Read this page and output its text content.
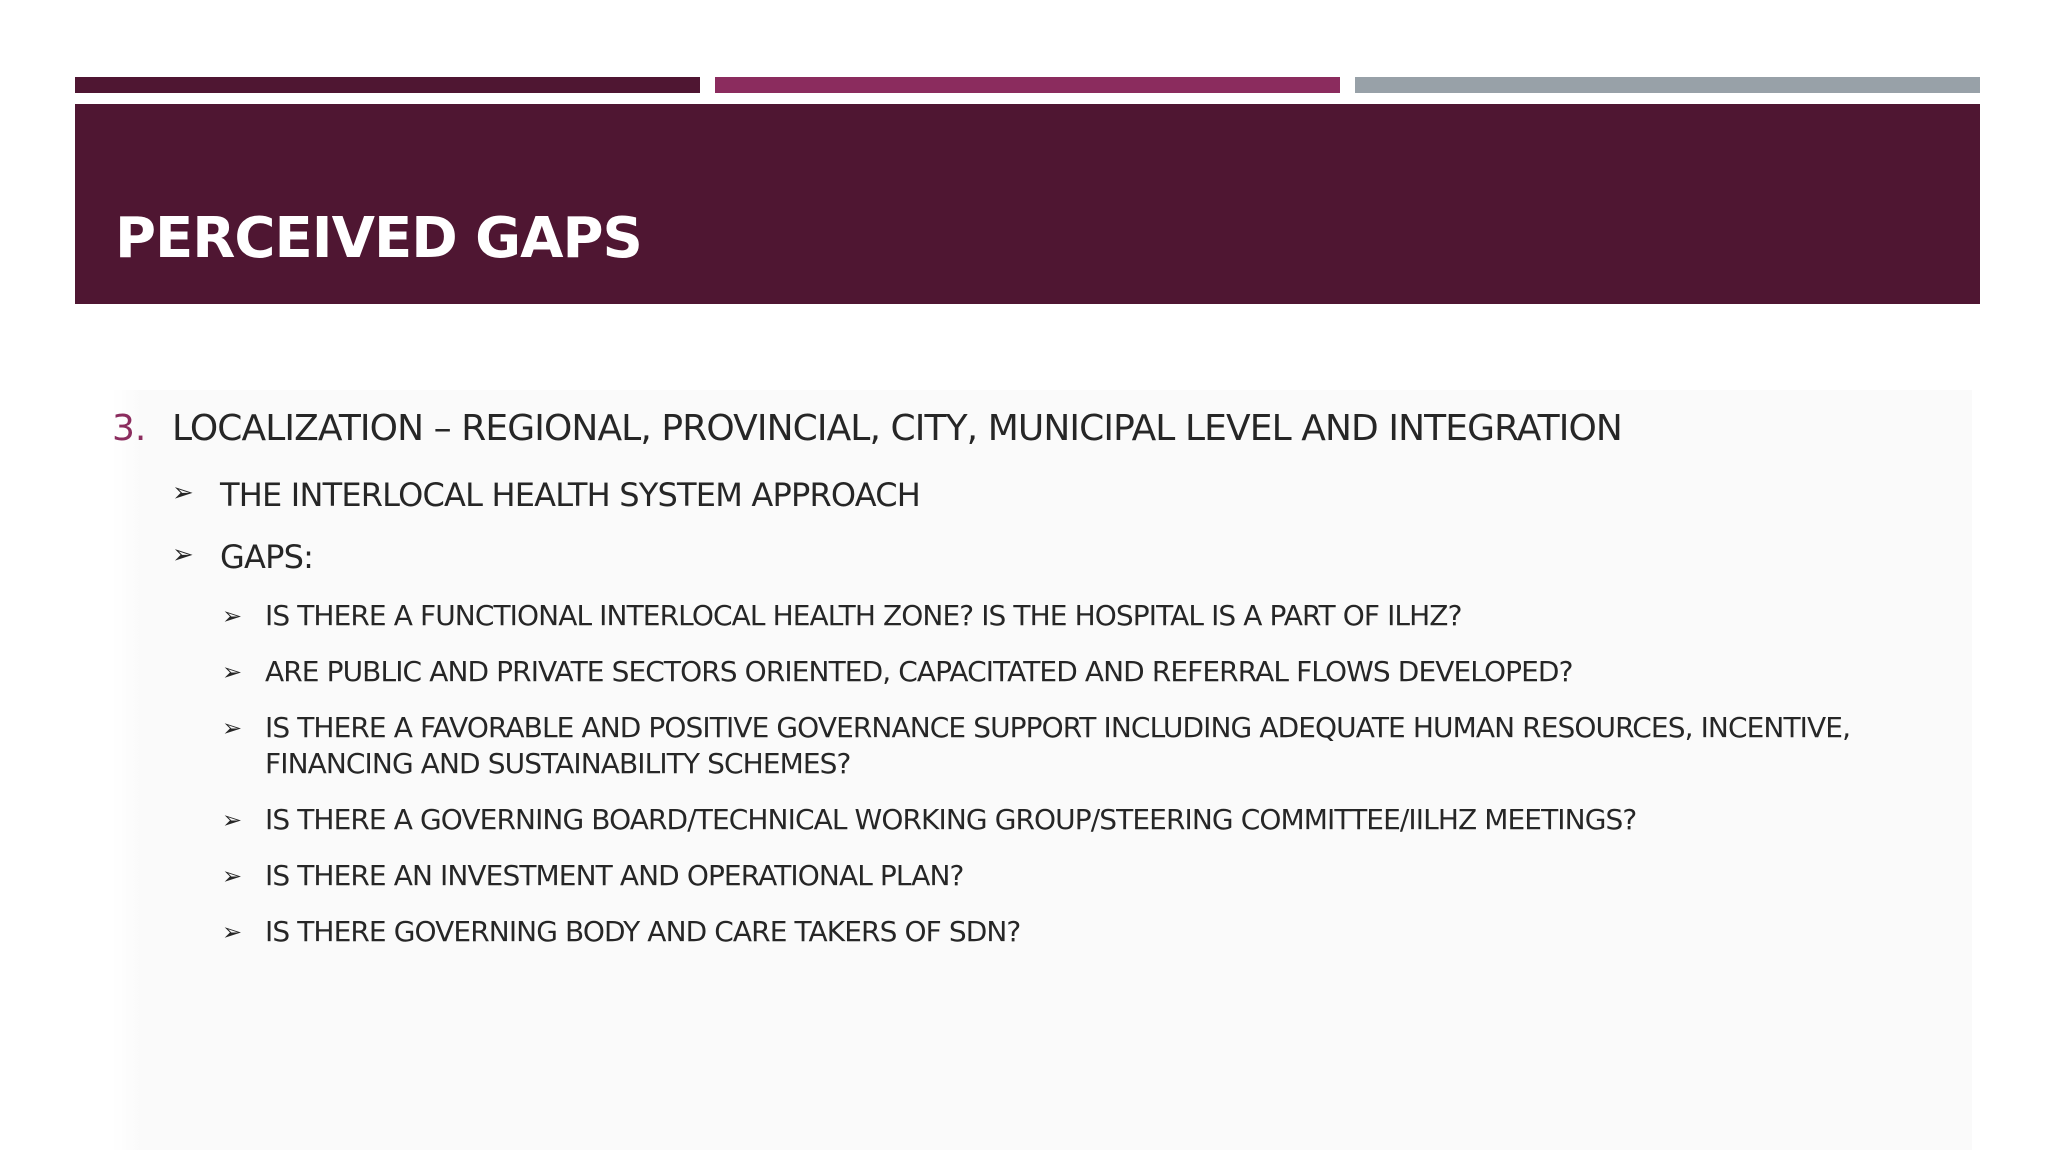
PERCEIVED GAPS
3. LOCALIZATION – REGIONAL, PROVINCIAL, CITY, MUNICIPAL LEVEL AND INTEGRATION
➢ THE INTERLOCAL HEALTH SYSTEM APPROACH
➢ GAPS:
➢ IS THERE A FUNCTIONAL INTERLOCAL HEALTH ZONE? IS THE HOSPITAL IS A PART OF ILHZ?
➢ ARE PUBLIC AND PRIVATE SECTORS ORIENTED, CAPACITATED AND REFERRAL FLOWS DEVELOPED?
➢ IS THERE A FAVORABLE AND POSITIVE GOVERNANCE SUPPORT INCLUDING ADEQUATE HUMAN RESOURCES, INCENTIVE, FINANCING AND SUSTAINABILITY SCHEMES?
➢ IS THERE A GOVERNING BOARD/TECHNICAL WORKING GROUP/STEERING COMMITTEE/IILHZ MEETINGS?
➢ IS THERE AN INVESTMENT AND OPERATIONAL PLAN?
➢ IS THERE GOVERNING BODY AND CARE TAKERS OF SDN?
